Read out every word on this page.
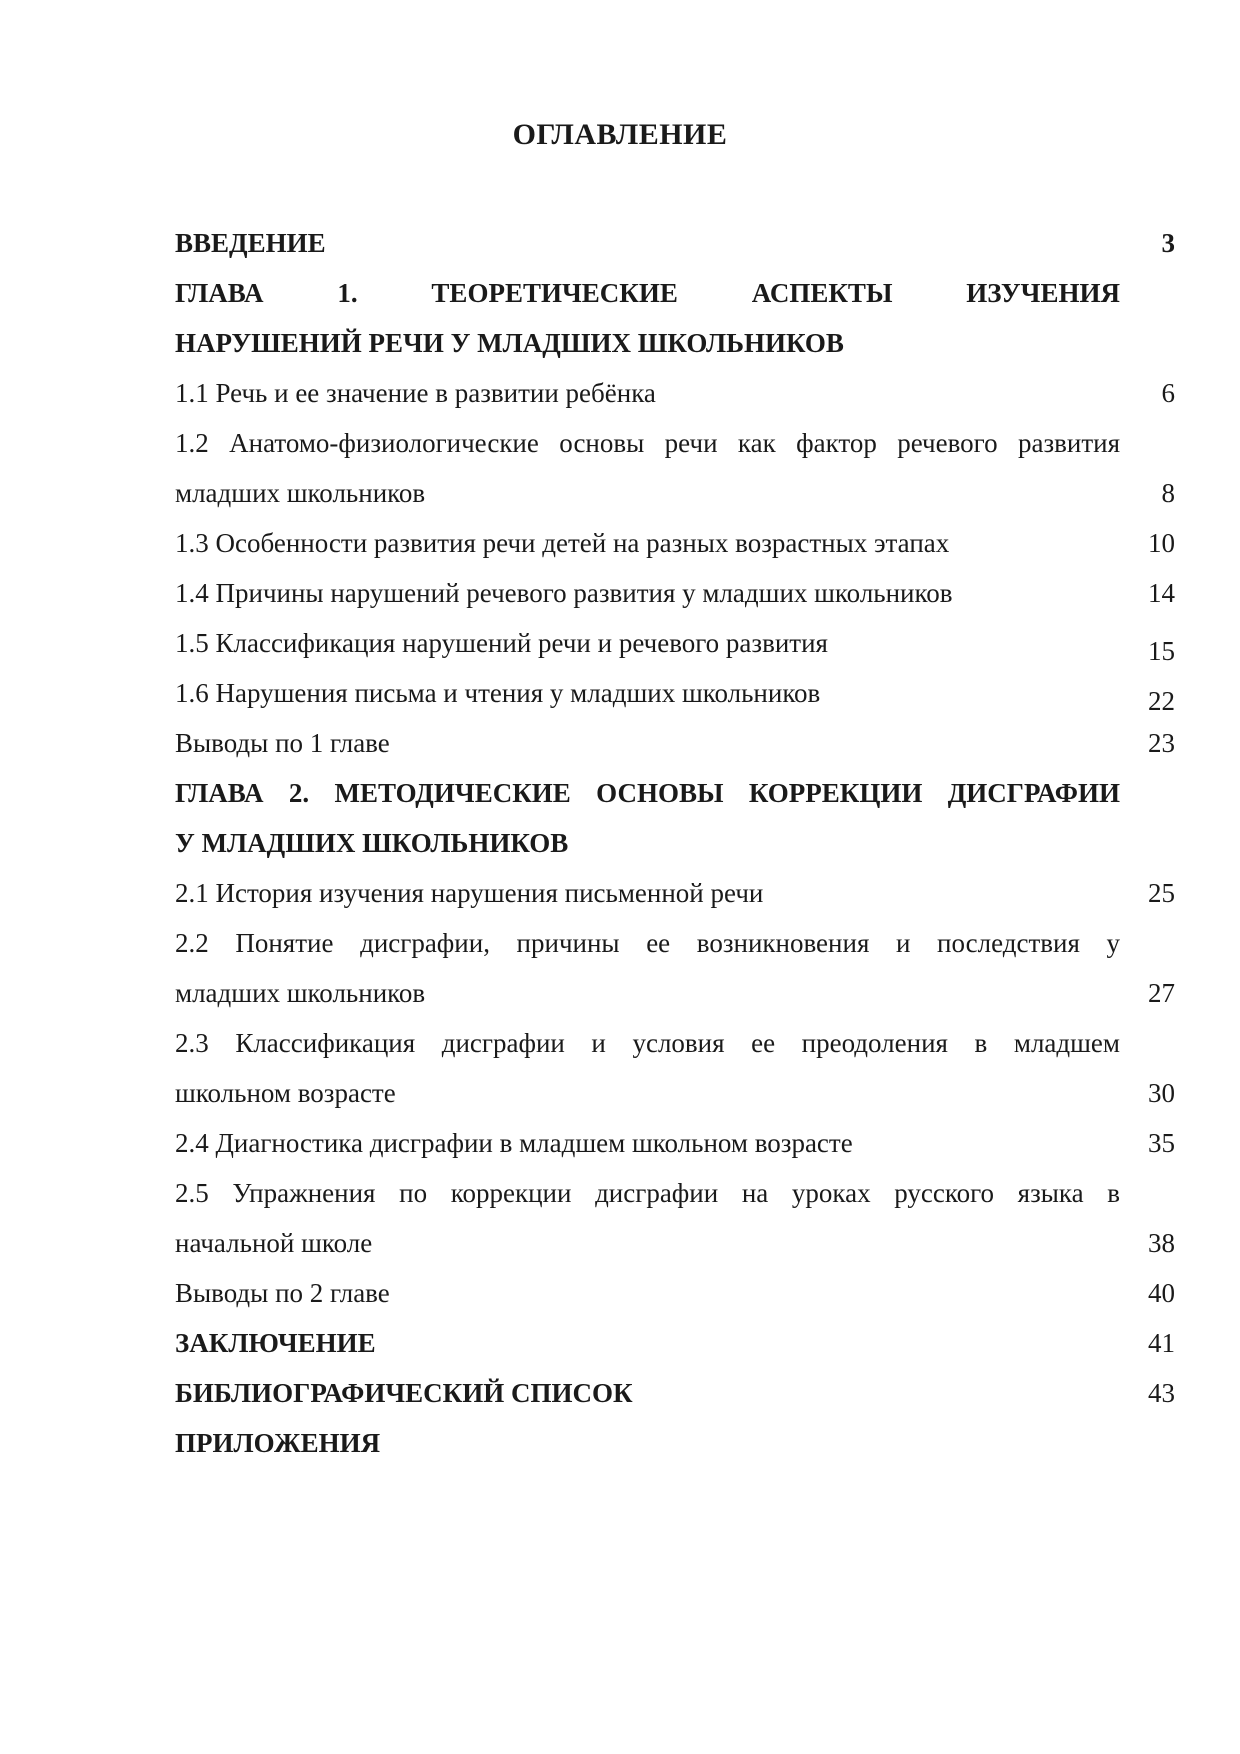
ОГЛАВЛЕНИЕ
ВВЕДЕНИЕ	3
ГЛАВА 1. ТЕОРЕТИЧЕСКИЕ АСПЕКТЫ ИЗУЧЕНИЯ
НАРУШЕНИЙ РЕЧИ У МЛАДШИХ ШКОЛЬНИКОВ
1.1 Речь и ее значение в развитии ребёнка	6
1.2 Анатомо-физиологические основы речи как фактор речевого развития
младших школьников	8
1.3 Особенности развития речи детей на разных возрастных этапах	10
1.4 Причины нарушений речевого развития у младших школьников	14
1.5 Классификация нарушений речи и речевого развития	15
1.6 Нарушения письма и чтения у младших школьников	22
Выводы по 1 главе	23
ГЛАВА 2. МЕТОДИЧЕСКИЕ ОСНОВЫ КОРРЕКЦИИ ДИСГРАФИИ
У МЛАДШИХ ШКОЛЬНИКОВ
2.1 История изучения нарушения письменной речи	25
2.2 Понятие дисграфии, причины ее возникновения и последствия у
младших школьников	27
2.3 Классификация дисграфии и условия ее преодоления в младшем
школьном возрасте	30
2.4 Диагностика дисграфии в младшем школьном возрасте	35
2.5 Упражнения по коррекции дисграфии на уроках русского языка в
начальной школе	38
Выводы по 2 главе	40
ЗАКЛЮЧЕНИЕ	41
БИБЛИОГРАФИЧЕСКИЙ СПИСОК	43
ПРИЛОЖЕНИЯ
